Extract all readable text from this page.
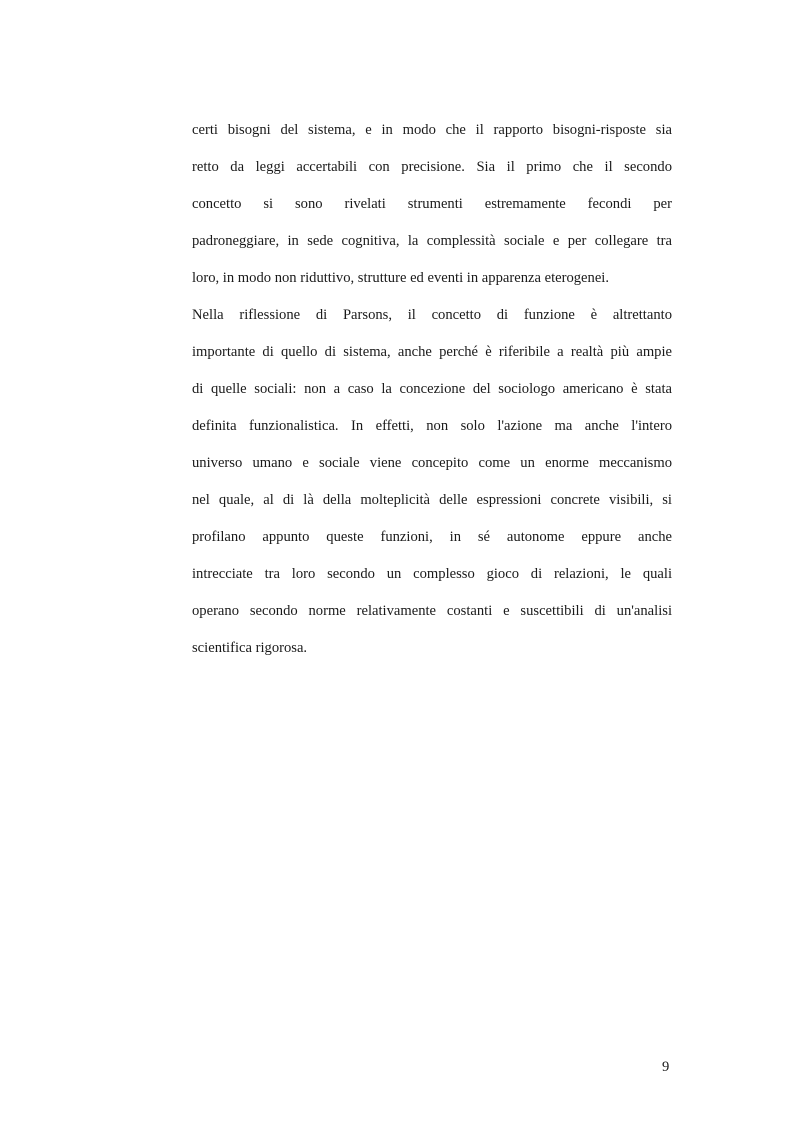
certi bisogni del sistema, e in modo che il rapporto bisogni-risposte sia
retto da leggi accertabili con precisione. Sia il primo che il secondo
concetto si sono rivelati strumenti estremamente fecondi per
padroneggiare, in sede cognitiva, la complessità sociale e per collegare tra
loro, in modo non riduttivo, strutture ed eventi in apparenza eterogenei.
Nella riflessione di Parsons, il concetto di funzione è altrettanto
importante di quello di sistema, anche perché è riferibile a realtà più ampie
di quelle sociali: non a caso la concezione del sociologo americano è stata
definita funzionalistica. In effetti, non solo l'azione ma anche l'intero
universo umano e sociale viene concepito come un enorme meccanismo
nel quale, al di là della molteplicità delle espressioni concrete visibili, si
profilano appunto queste funzioni, in sé autonome eppure anche
intrecciate tra loro secondo un complesso gioco di relazioni, le quali
operano secondo norme relativamente costanti e suscettibili di un'analisi
scientifica rigorosa.
9
